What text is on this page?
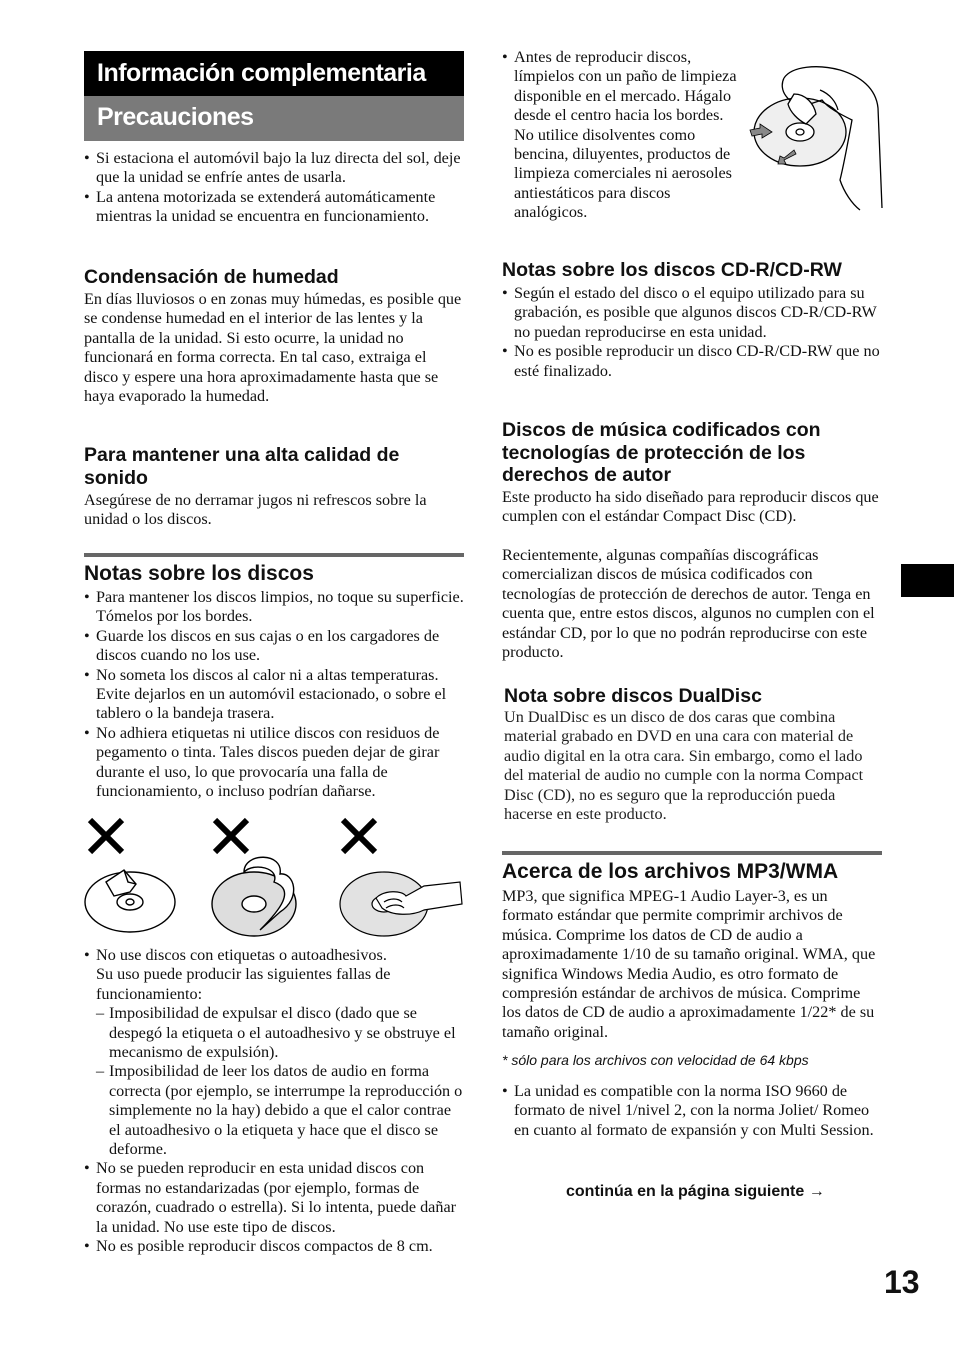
Información complementaria
Precauciones
• Si estaciona el automóvil bajo la luz directa del sol, deje que la unidad se enfríe antes de usarla.
• La antena motorizada se extenderá automáticamente mientras la unidad se encuentra en funcionamiento.
Condensación de humedad
En días lluviosos o en zonas muy húmedas, es posible que se condense humedad en el interior de las lentes y la pantalla de la unidad. Si esto ocurre, la unidad no funcionará en forma correcta. En tal caso, extraiga el disco y espere una hora aproximadamente hasta que se haya evaporado la humedad.
Para mantener una alta calidad de sonido
Asegúrese de no derramar jugos ni refrescos sobre la unidad o los discos.
Notas sobre los discos
• Para mantener los discos limpios, no toque su superficie. Tómelos por los bordes.
• Guarde los discos en sus cajas o en los cargadores de discos cuando no los use.
• No someta los discos al calor ni a altas temperaturas. Evite dejarlos en un automóvil estacionado, o sobre el tablero o la bandeja trasera.
• No adhiera etiquetas ni utilice discos con residuos de pegamento o tinta. Tales discos pueden dejar de girar durante el uso, lo que provocaría una falla de funcionamiento, o incluso podrían dañarse.
• No use discos con etiquetas o autoadhesivos.
Su uso puede producir las siguientes fallas de funcionamiento:
– Imposibilidad de expulsar el disco (dado que se despegó la etiqueta o el autoadhesivo y se obstruye el mecanismo de expulsión).
– Imposibilidad de leer los datos de audio en forma correcta (por ejemplo, se interrumpe la reproducción o simplemente no la hay) debido a que el calor contrae el autoadhesivo o la etiqueta y hace que el disco se deforme.
• No se pueden reproducir en esta unidad discos con formas no estandarizadas (por ejemplo, formas de corazón, cuadrado o estrella). Si lo intenta, puede dañar la unidad. No use este tipo de discos.
• No es posible reproducir discos compactos de 8 cm.
• Antes de reproducir discos, límpielos con un paño de limpieza disponible en el mercado. Hágalo desde el centro hacia los bordes. No utilice disolventes como bencina, diluyentes, productos de limpieza comerciales ni aerosoles antiestáticos para discos analógicos.
Notas sobre los discos CD-R/CD-RW
• Según el estado del disco o el equipo utilizado para su grabación, es posible que algunos discos CD-R/CD-RW no puedan reproducirse en esta unidad.
• No es posible reproducir un disco CD-R/CD-RW que no esté finalizado.
Discos de música codificados con tecnologías de protección de los derechos de autor
Este producto ha sido diseñado para reproducir discos que cumplen con el estándar Compact Disc (CD).
Recientemente, algunas compañías discográficas comercializan discos de música codificados con tecnologías de protección de derechos de autor. Tenga en cuenta que, entre estos discos, algunos no cumplen con el estándar CD, por lo que no podrán reproducirse con este producto.
Nota sobre discos DualDisc
Un DualDisc es un disco de dos caras que combina material grabado en DVD en una cara con material de audio digital en la otra cara. Sin embargo, como el lado del material de audio no cumple con la norma Compact Disc (CD), no es seguro que la reproducción pueda hacerse en este producto.
Acerca de los archivos MP3/WMA
MP3, que significa MPEG-1 Audio Layer-3, es un formato estándar que permite comprimir archivos de música. Comprime los datos de CD de audio a aproximadamente 1/10 de su tamaño original. WMA, que significa Windows Media Audio, es otro formato de compresión estándar de archivos de música. Comprime los datos de CD de audio a aproximadamente 1/22* de su tamaño original.
* sólo para los archivos con velocidad de 64 kbps
• La unidad es compatible con la norma ISO 9660 de formato de nivel 1/nivel 2, con la norma Joliet/ Romeo en cuanto al formato de expansión y con Multi Session.
continúa en la página siguiente →
13
